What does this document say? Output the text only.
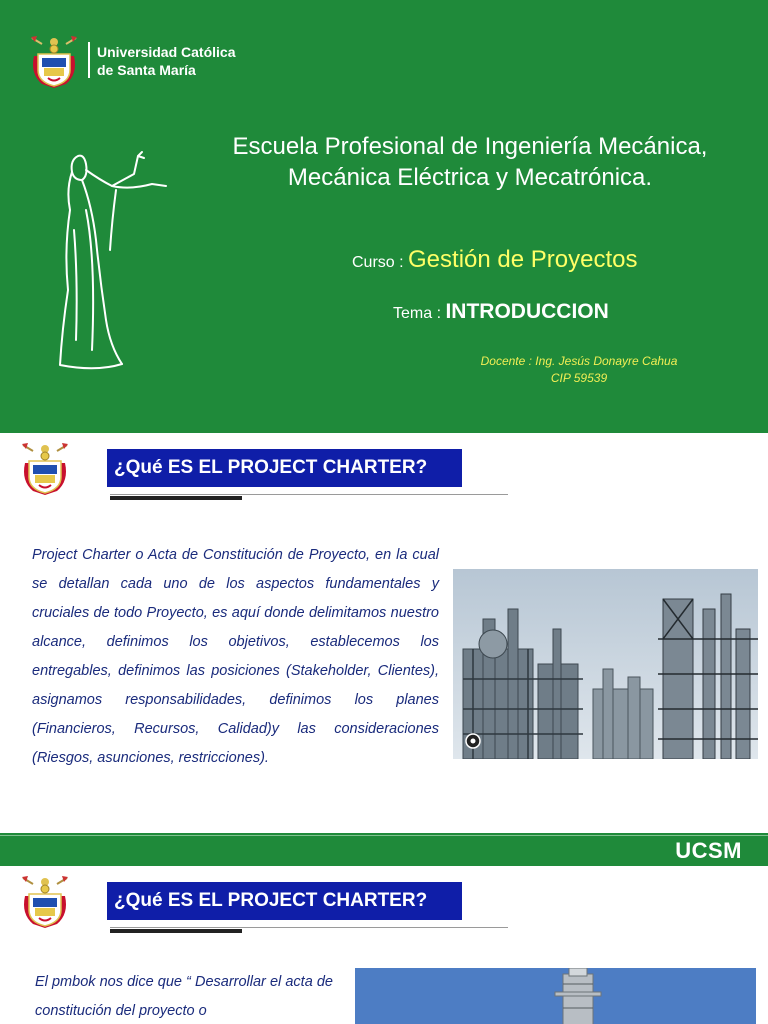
Universidad Católica
de Santa María
Escuela Profesional de Ingeniería Mecánica,
Mecánica Eléctrica y Mecatrónica.
Curso : Gestión de Proyectos
Tema : INTRODUCCION
Docente : Ing. Jesús Donayre Cahua
CIP 59539
¿Qué ES EL PROJECT CHARTER?
Project Charter o Acta de Constitución de Proyecto, en la cual se detallan cada uno de los aspectos fundamentales y cruciales de todo Proyecto, es aquí donde delimitamos nuestro alcance, definimos los objetivos, establecemos los entregables, definimos las posiciones (Stakeholder, Clientes), asignamos responsabilidades, definimos los planes (Financieros, Recursos, Calidad)y las consideraciones (Riesgos, asunciones, restricciones).
UCSM
¿Qué ES EL PROJECT CHARTER?
El pmbok nos dice que “ Desarrollar el acta de constitución del proyecto o
